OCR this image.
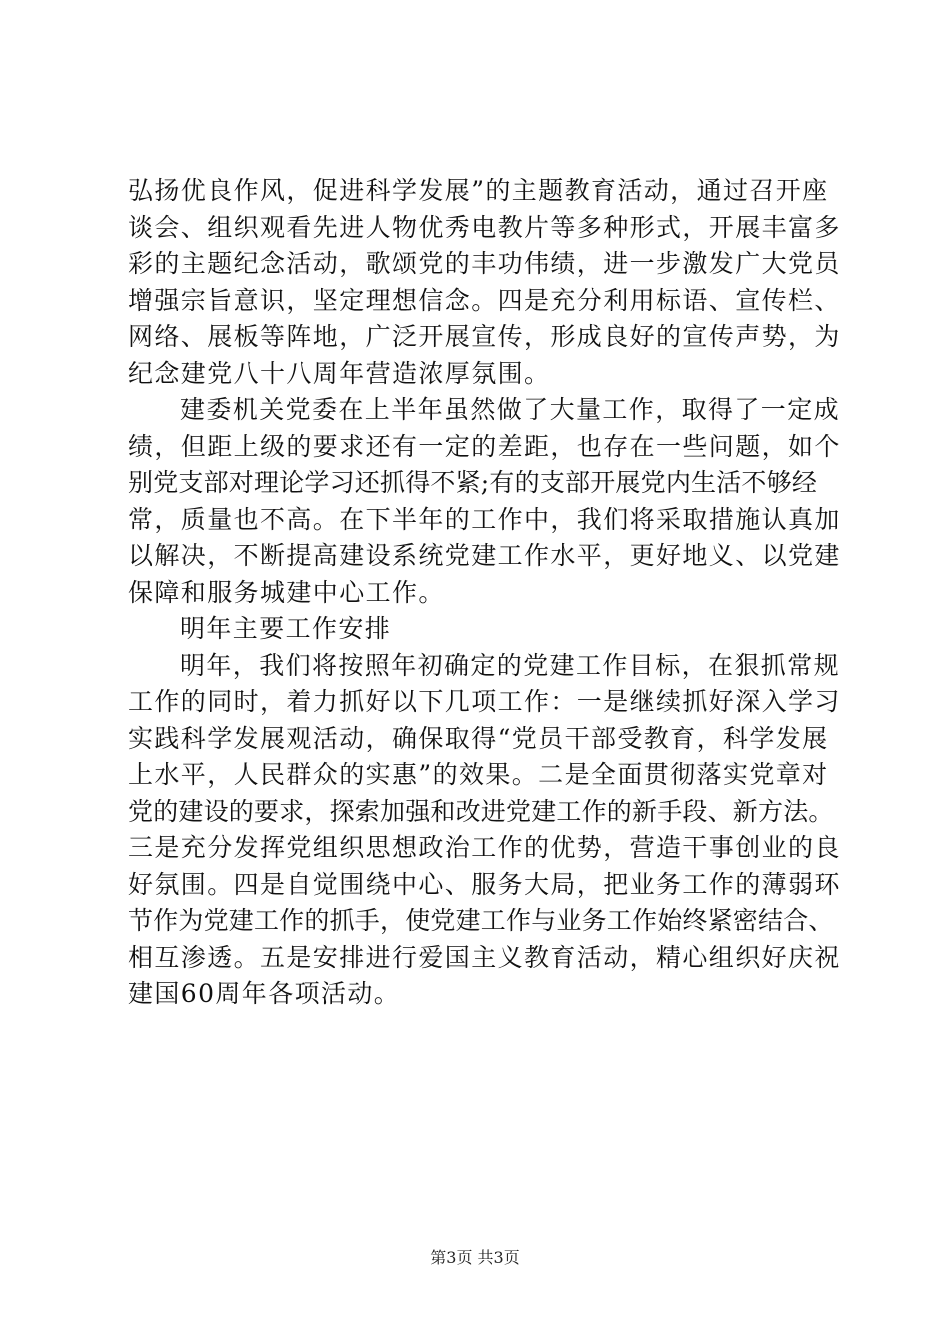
弘扬优良作风，促进科学发展”的主题教育活动，通过召开座
谈会、组织观看先进人物优秀电教片等多种形式，开展丰富多
彩的主题纪念活动，歌颂党的丰功伟绩，进一步激发广大党员
增强宗旨意识，坚定理想信念。四是充分利用标语、宣传栏、
网络、展板等阵地，广泛开展宣传，形成良好的宣传声势，为
纪念建党八十八周年营造浓厚氛围。
建委机关党委在上半年虽然做了大量工作，取得了一定成
绩，但距上级的要求还有一定的差距，也存在一些问题，如个
别党支部对理论学习还抓得不紧;有的支部开展党内生活不够经
常，质量也不高。在下半年的工作中，我们将采取措施认真加
以解决，不断提高建设系统党建工作水平，更好地义、以党建
保障和服务城建中心工作。
明年主要工作安排
明年，我们将按照年初确定的党建工作目标，在狠抓常规
工作的同时，着力抓好以下几项工作：一是继续抓好深入学习
实践科学发展观活动，确保取得“党员干部受教育，科学发展
上水平，人民群众的实惠”的效果。二是全面贯彻落实党章对
党的建设的要求，探索加强和改进党建工作的新手段、新方法。
三是充分发挥党组织思想政治工作的优势，营造干事创业的良
好氛围。四是自觉围绕中心、服务大局，把业务工作的薄弱环
节作为党建工作的抓手，使党建工作与业务工作始终紧密结合、
相互渗透。五是安排进行爱国主义教育活动，精心组织好庆祝
建国60周年各项活动。
第3页 共3页
